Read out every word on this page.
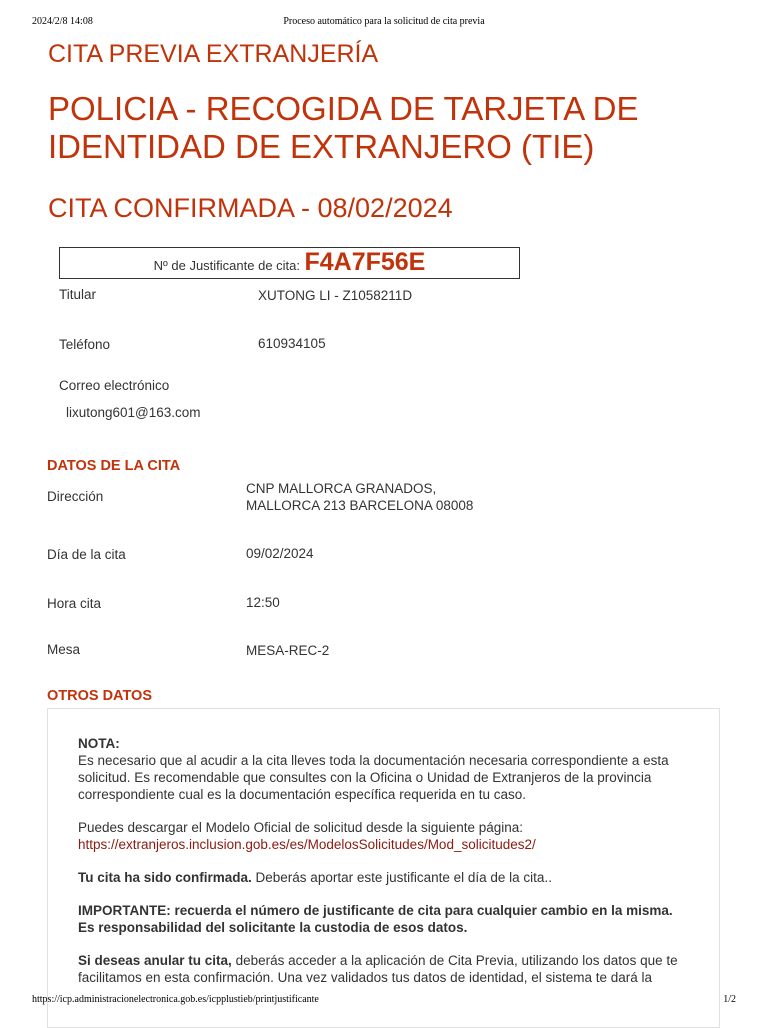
2024/2/8 14:08	Proceso automático para la solicitud de cita previa
CITA PREVIA EXTRANJERÍA
POLICIA - RECOGIDA DE TARJETA DE IDENTIDAD DE EXTRANJERO (TIE)
CITA CONFIRMADA - 08/02/2024
Nº de Justificante de cita: F4A7F56E
Titular	XUTONG LI - Z1058211D
Teléfono	610934105
Correo electrónico
lixutong601@163.com
DATOS DE LA CITA
Dirección
CNP MALLORCA GRANADOS,
MALLORCA 213 BARCELONA 08008
Día de la cita	09/02/2024
Hora cita	12:50
Mesa	MESA-REC-2
OTROS DATOS

NOTA:
Es necesario que al acudir a la cita lleves toda la documentación necesaria correspondiente a esta solicitud. Es recomendable que consultes con la Oficina o Unidad de Extranjeros de la provincia correspondiente cual es la documentación específica requerida en tu caso.

Puedes descargar el Modelo Oficial de solicitud desde la siguiente página:
https://extranjeros.inclusion.gob.es/es/ModelosSolicitudes/Mod_solicitudes2/

Tu cita ha sido confirmada. Deberás aportar este justificante el día de la cita..

IMPORTANTE: recuerda el número de justificante de cita para cualquier cambio en la misma. Es responsabilidad del solicitante la custodia de esos datos.

Si deseas anular tu cita, deberás acceder a la aplicación de Cita Previa, utilizando los datos que te facilitamos en esta confirmación. Una vez validados tus datos de identidad, el sistema te dará la

https://icp.administracionelectronica.gob.es/icpplustieb/printjustificante	1/2
